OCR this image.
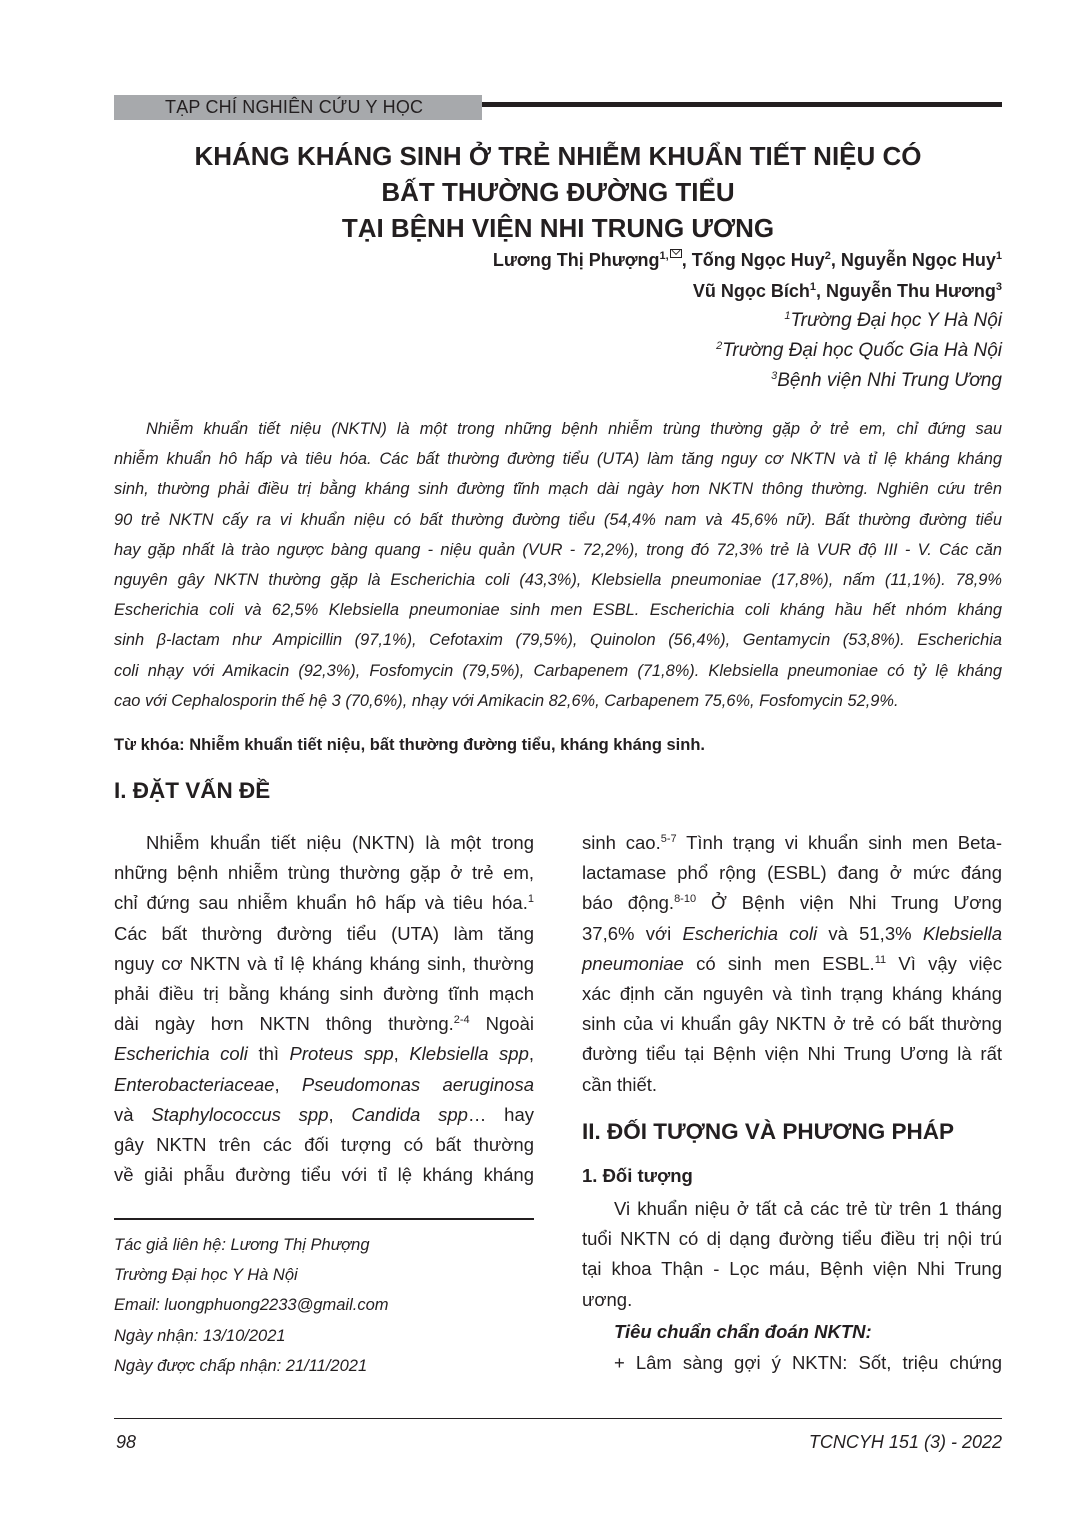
TẠP CHÍ NGHIÊN CỨU Y HỌC
KHÁNG KHÁNG SINH Ở TRẺ NHIỄM KHUẨN TIẾT NIỆU CÓ
BẤT THƯỜNG ĐƯỜNG TIỂU
TẠI BỆNH VIỆN NHI TRUNG ƯƠNG
Lương Thị Phượng$^{1,}$ , Tống Ngọc Huy$^2$, Nguyễn Ngọc Huy$^1$
Vũ Ngọc Bích$^1$, Nguyễn Thu Hương$^3$
$^1$Trường Đại học Y Hà Nội
$^2$Trường Đại học Quốc Gia Hà Nội
$^3$Bệnh viện Nhi Trung Ương
Nhiễm khuẩn tiết niệu (NKTN) là một trong những bệnh nhiễm trùng thường gặp ở trẻ em, chỉ đứng sau
nhiễm khuẩn hô hấp và tiêu hóa. Các bất thường đường tiểu (UTA) làm tăng nguy cơ NKTN và tỉ lệ kháng kháng
sinh, thường phải điều trị bằng kháng sinh đường tĩnh mạch dài ngày hơn NKTN thông thường. Nghiên cứu trên
90 trẻ NKTN cấy ra vi khuẩn niệu có bất thường đường tiểu (54,4% nam và 45,6% nữ). Bất thường đường tiểu
hay gặp nhất là trào ngược bàng quang - niệu quản (VUR - 72,2%), trong đó 72,3% trẻ là VUR độ III - V. Các căn
nguyên gây NKTN thường gặp là Escherichia coli (43,3%), Klebsiella pneumoniae (17,8%), nấm (11,1%). 78,9%
Escherichia coli và 62,5% Klebsiella pneumoniae sinh men ESBL. Escherichia coli kháng hầu hết nhóm kháng
sinh β-lactam như Ampicillin (97,1%), Cefotaxim (79,5%), Quinolon (56,4%), Gentamycin (53,8%). Escherichia
coli nhạy với Amikacin (92,3%), Fosfomycin (79,5%), Carbapenem (71,8%). Klebsiella pneumoniae có tỷ lệ kháng
cao với Cephalosporin thế hệ 3 (70,6%), nhạy với Amikacin 82,6%, Carbapenem 75,6%, Fosfomycin 52,9%.
Từ khóa: Nhiễm khuẩn tiết niệu, bất thường đường tiểu, kháng kháng sinh.
I. ĐẶT VẤN ĐỀ
Nhiễm khuẩn tiết niệu (NKTN) là một trong
những bệnh nhiễm trùng thường gặp ở trẻ em,
chỉ đứng sau nhiễm khuẩn hô hấp và tiêu hóa.$^1$
Các bất thường đường tiểu (UTA) làm tăng
nguy cơ NKTN và tỉ lệ kháng kháng sinh, thường
phải điều trị bằng kháng sinh đường tĩnh mạch
dài ngày hơn NKTN thông thường.$^{2-4}$ Ngoài
Escherichia coli thì Proteus spp, Klebsiella spp,
Enterobacteriaceae, Pseudomonas aeruginosa
và Staphylococcus spp, Candida spp… hay
gây NKTN trên các đối tượng có bất thường
về giải phẫu đường tiểu với tỉ lệ kháng kháng
Tác giả liên hệ: Lương Thị Phượng
Trường Đại học Y Hà Nội
Email: luongphuong2233@gmail.com
Ngày nhận: 13/10/2021
Ngày được chấp nhận: 21/11/2021
sinh cao.$^{5-7}$ Tình trạng vi khuẩn sinh men Beta-
lactamase phổ rộng (ESBL) đang ở mức đáng
báo động.$^{8-10}$ Ở Bệnh viện Nhi Trung Ương
37,6% với Escherichia coli và 51,3% Klebsiella
pneumoniae có sinh men ESBL.$^{11}$ Vì vậy việc
xác định căn nguyên và tình trạng kháng kháng
sinh của vi khuẩn gây NKTN ở trẻ có bất thường
đường tiểu tại Bệnh viện Nhi Trung Ương là rất
cần thiết.
II. ĐỐI TƯỢNG VÀ PHƯƠNG PHÁP
1. Đối tượng
Vi khuẩn niệu ở tất cả các trẻ từ trên 1 tháng
tuổi NKTN có dị dạng đường tiểu điều trị nội trú
tại khoa Thận - Lọc máu, Bệnh viện Nhi Trung
ương.
Tiêu chuẩn chẩn đoán NKTN:
+ Lâm sàng gợi ý NKTN: Sốt, triệu chứng
98	TCNCYH 151 (3) - 2022
